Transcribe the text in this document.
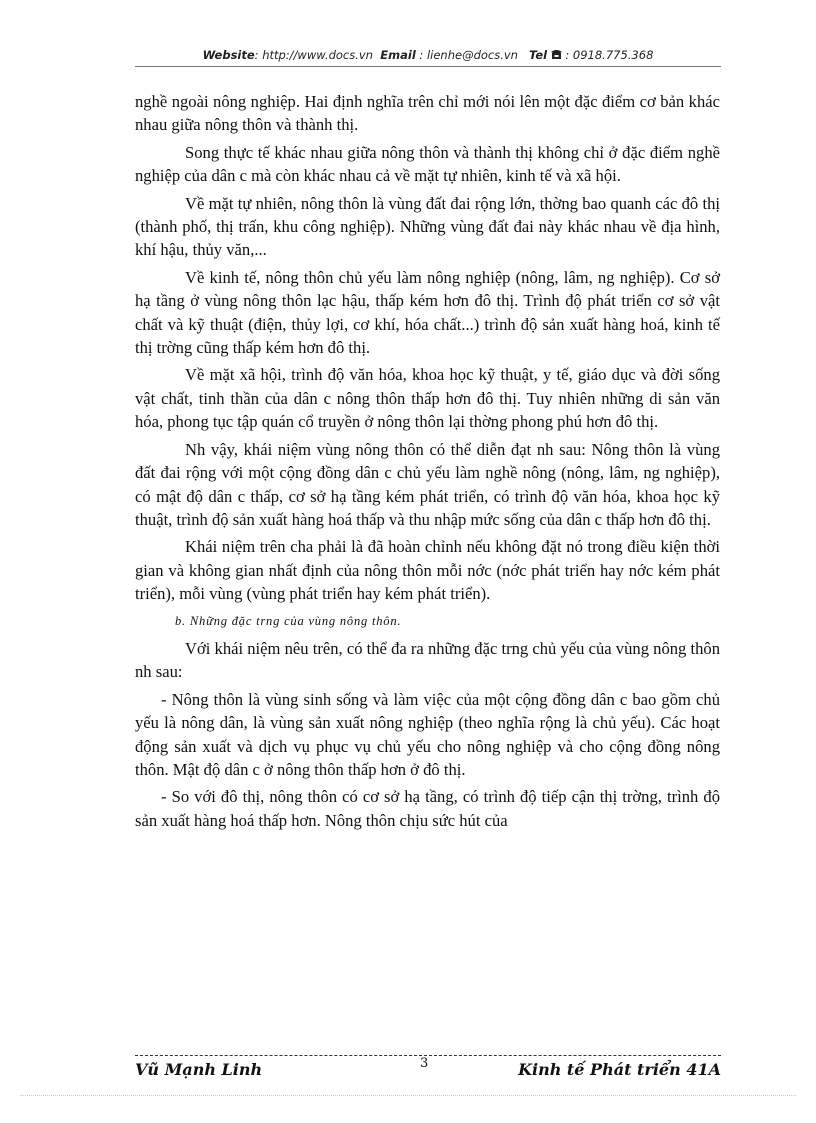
Website: http://www.docs.vn Email : lienhe@docs.vn Tel : 0918.775.368

nghề ngoài nông nghiệp. Hai định nghĩa trên chỉ mới nói lên một đặc điểm cơ bản khác nhau giữa nông thôn và thành thị.

Song thực tế khác nhau giữa nông thôn và thành thị không chỉ ở đặc điểm nghề nghiệp của dân c mà còn khác nhau cả về mặt tự nhiên, kinh tế và xã hội.

Về mặt tự nhiên, nông thôn là vùng đất đai rộng lớn, thờng bao quanh các đô thị (thành phố, thị trấn, khu công nghiệp). Những vùng đất đai này khác nhau về địa hình, khí hậu, thủy văn,...

Về kinh tế, nông thôn chủ yếu làm nông nghiệp (nông, lâm, ng nghiệp). Cơ sở hạ tầng ở vùng nông thôn lạc hậu, thấp kém hơn đô thị. Trình độ phát triển cơ sở vật chất và kỹ thuật (điện, thủy lợi, cơ khí, hóa chất...) trình độ sản xuất hàng hoá, kinh tế thị trờng cũng thấp kém hơn đô thị.

Về mặt xã hội, trình độ văn hóa, khoa học kỹ thuật, y tế, giáo dục và đời sống vật chất, tinh thần của dân c nông thôn thấp hơn đô thị. Tuy nhiên những di sản văn hóa, phong tục tập quán cổ truyền ở nông thôn lại thờng phong phú hơn đô thị.

Nh vậy, khái niệm vùng nông thôn có thể diễn đạt nh sau: Nông thôn là vùng đất đai rộng với một cộng đồng dân c chủ yếu làm nghề nông (nông, lâm, ng nghiệp), có mật độ dân c thấp, cơ sở hạ tầng kém phát triển, có trình độ văn hóa, khoa học kỹ thuật, trình độ sản xuất hàng hoá thấp và thu nhập mức sống của dân c thấp hơn đô thị.

Khái niệm trên cha phải là đã hoàn chỉnh nếu không đặt nó trong điều kiện thời gian và không gian nhất định của nông thôn mỗi nớc (nớc phát triển hay nớc kém phát triển), mỗi vùng (vùng phát triển hay kém phát triển).

b. Những đặc trng của vùng nông thôn.

Với khái niệm nêu trên, có thể đa ra những đặc trng chủ yếu của vùng nông thôn nh sau:

- Nông thôn là vùng sinh sống và làm việc của một cộng đồng dân c bao gồm chủ yếu là nông dân, là vùng sản xuất nông nghiệp (theo nghĩa rộng là chủ yếu). Các hoạt động sản xuất và dịch vụ phục vụ chủ yếu cho nông nghiệp và cho cộng đồng nông thôn. Mật độ dân c ở nông thôn thấp hơn ở đô thị.

- So với đô thị, nông thôn có cơ sở hạ tầng, có trình độ tiếp cận thị trờng, trình độ sản xuất hàng hoá thấp hơn. Nông thôn chịu sức hút của

Vũ Mạnh Linh	3	Kinh tế Phát triển 41A
